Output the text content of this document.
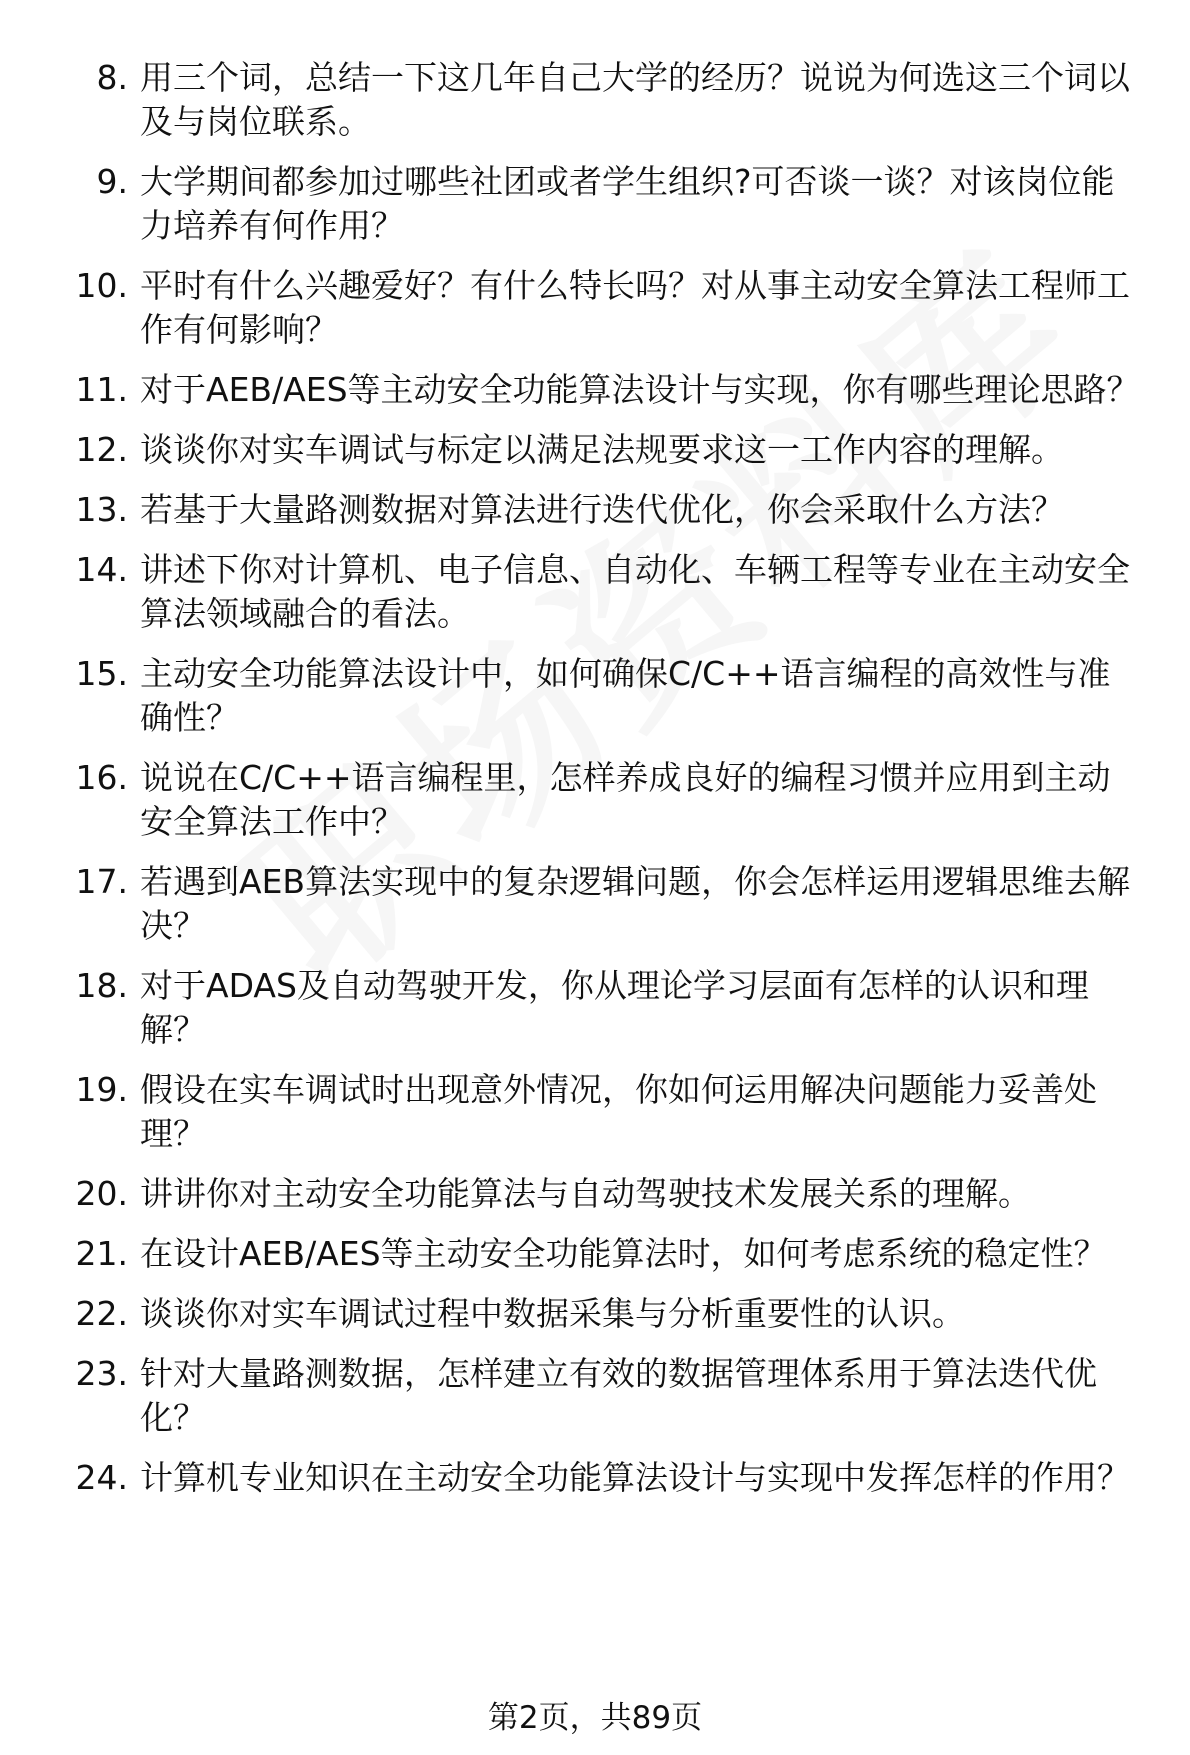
8. 用三个词，总结一下这几年自己大学的经历？说说为何选这三个词以及与岗位联系。
9. 大学期间都参加过哪些社团或者学生组织?可否谈一谈？对该岗位能力培养有何作用？
10. 平时有什么兴趣爱好？有什么特长吗？对从事主动安全算法工程师工作有何影响？
11. 对于AEB/AES等主动安全功能算法设计与实现，你有哪些理论思路？
12. 谈谈你对实车调试与标定以满足法规要求这一工作内容的理解。
13. 若基于大量路测数据对算法进行迭代优化，你会采取什么方法？
14. 讲述下你对计算机、电子信息、自动化、车辆工程等专业在主动安全算法领域融合的看法。
15. 主动安全功能算法设计中，如何确保C/C++语言编程的高效性与准确性？
16. 说说在C/C++语言编程里，怎样养成良好的编程习惯并应用到主动安全算法工作中？
17. 若遇到AEB算法实现中的复杂逻辑问题，你会怎样运用逻辑思维去解决？
18. 对于ADAS及自动驾驶开发，你从理论学习层面有怎样的认识和理解？
19. 假设在实车调试时出现意外情况，你如何运用解决问题能力妥善处理？
20. 讲讲你对主动安全功能算法与自动驾驶技术发展关系的理解。
21. 在设计AEB/AES等主动安全功能算法时，如何考虑系统的稳定性？
22. 谈谈你对实车调试过程中数据采集与分析重要性的认识。
23. 针对大量路测数据，怎样建立有效的数据管理体系用于算法迭代优化？
24. 计算机专业知识在主动安全功能算法设计与实现中发挥怎样的作用？
第2页，共89页
